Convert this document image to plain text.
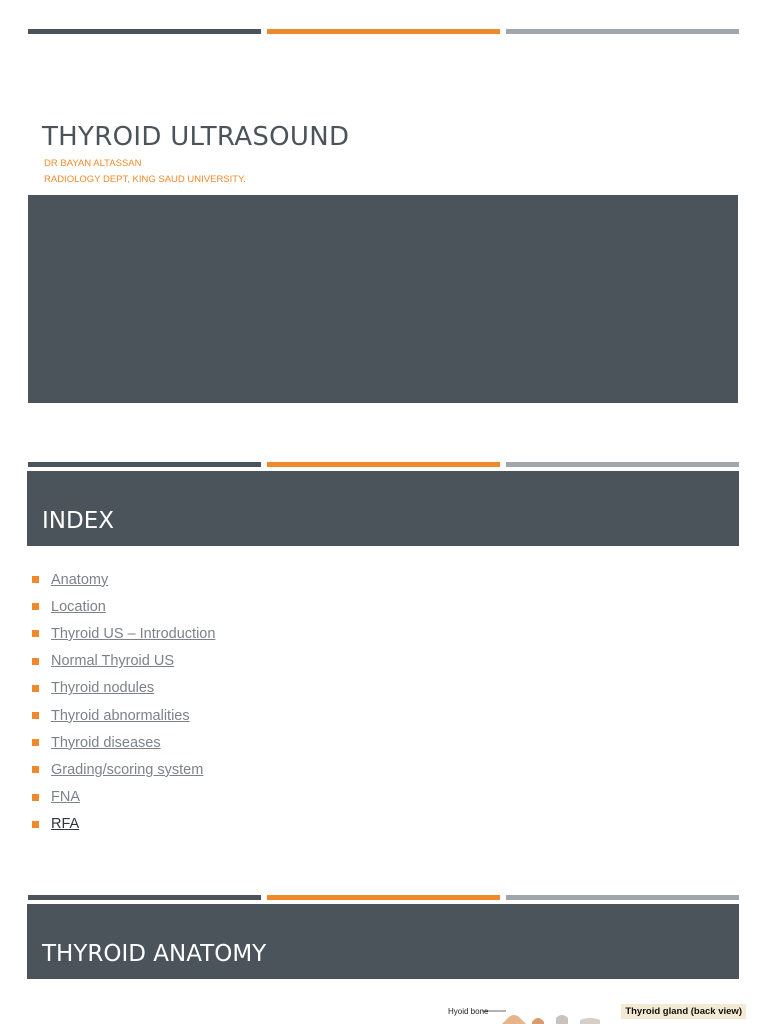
THYROID ULTRASOUND
DR BAYAN ALTASSAN
RADIOLOGY DEPT, KING SAUD UNIVERSITY.
INDEX
Anatomy
Location
Thyroid US – Introduction
Normal Thyroid US
Thyroid nodules
Thyroid abnormalities
Thyroid diseases
Grading/scoring system
FNA
RFA
THYROID ANATOMY
Hyoid bone	Thyroid gland (back view)
